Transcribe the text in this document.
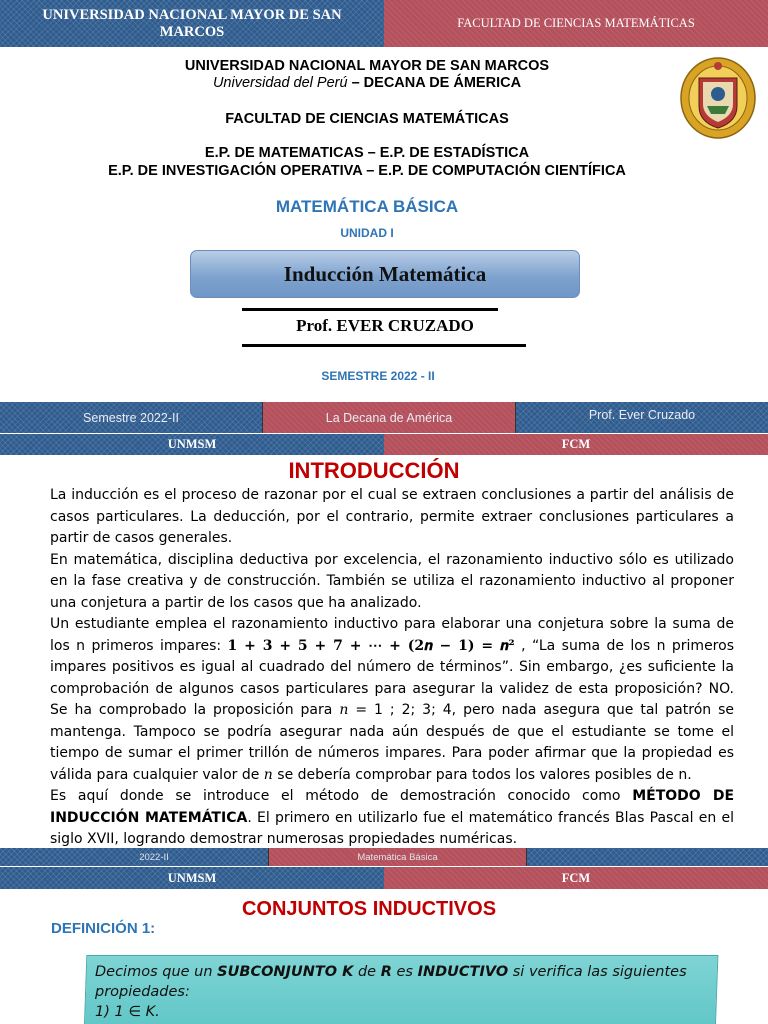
UNIVERSIDAD NACIONAL MAYOR DE SAN MARCOS
FACULTAD DE CIENCIAS MATEMÁTICAS
UNIVERSIDAD NACIONAL MAYOR DE SAN MARCOS
Universidad del Perú – DECANA DE ÁMERICA
FACULTAD DE CIENCIAS MATEMÁTICAS
E.P. DE MATEMATICAS – E.P. DE ESTADÍSTICA
E.P. DE INVESTIGACIÓN OPERATIVA – E.P. DE COMPUTACIÓN CIENTÍFICA
MATEMÁTICA BÁSICA
UNIDAD I
Inducción Matemática
Prof. EVER CRUZADO
SEMESTRE 2022 - II
Semestre 2022-II	La Decana de América	Prof. Ever Cruzado
UNMSM	FCM
INTRODUCCIÓN

La inducción es el proceso de razonar por el cual se extraen conclusiones a partir del análisis de casos particulares. La deducción, por el contrario, permite extraer conclusiones particulares a partir de casos generales.

En matemática, disciplina deductiva por excelencia, el razonamiento inductivo sólo es utilizado en la fase creativa y de construcción. También se utiliza el razonamiento inductivo al proponer una conjetura a partir de los casos que ha analizado.

Un estudiante emplea el razonamiento inductivo para elaborar una conjetura sobre la suma de los n primeros impares: 𝟏 + 𝟑 + 𝟓 + 𝟕 + ⋯ + (𝟐𝒏 − 𝟏) = 𝒏² , “La suma de los n primeros impares positivos es igual al cuadrado del número de términos”. Sin embargo, ¿es suficiente la comprobación de algunos casos particulares para asegurar la validez de esta proposición? NO. Se ha comprobado la proposición para 𝑛 = 1 ; 2; 3; 4, pero nada asegura que tal patrón se mantenga. Tampoco se podría asegurar nada aún después de que el estudiante se tome el tiempo de sumar el primer trillón de números impares. Para poder afirmar que la propiedad es válida para cualquier valor de 𝑛 se debería comprobar para todos los valores posibles de n.

Es aquí donde se introduce el método de demostración conocido como MÉTODO DE INDUCCIÓN MATEMÁTICA. El primero en utilizarlo fue el matemático francés Blas Pascal en el siglo XVII, logrando demostrar numerosas propiedades numéricas.

2022-II	Matemática Básica
UNMSM	FCM
CONJUNTOS INDUCTIVOS
DEFINICIÓN 1:
Decimos que un SUBCONJUNTO K de R es INDUCTIVO si verifica las siguientes propiedades:
1) 1 ∈ K.
